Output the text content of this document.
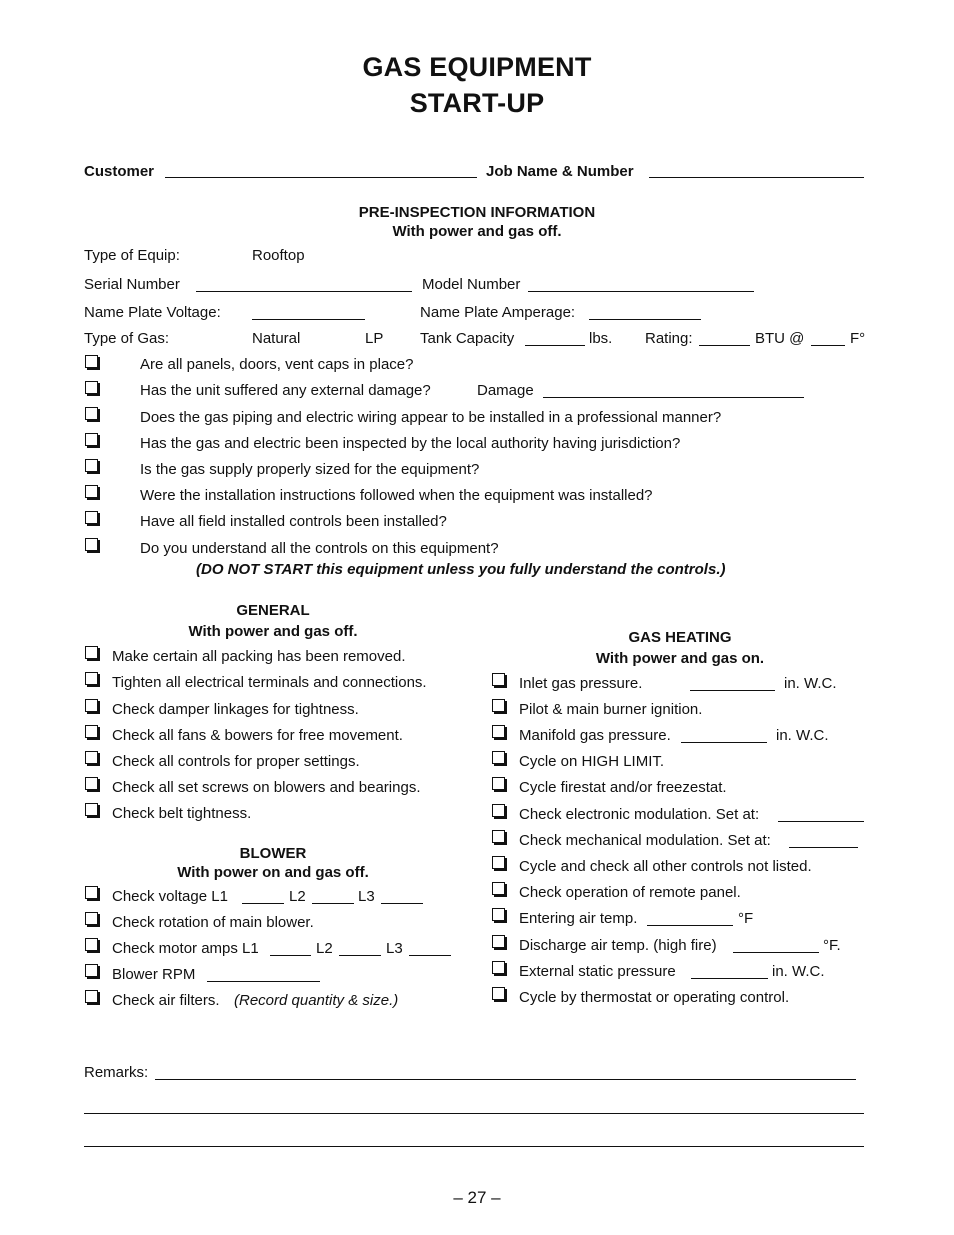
GAS EQUIPMENT
START-UP
Customer	Job Name & Number
PRE-INSPECTION INFORMATION
With power and gas off.
Type of Equip:	Rooftop
Serial Number	Model Number
Name Plate Voltage:	Name Plate Amperage:
Type of Gas:	Natural	LP Tank Capacity	lbs. Rating:	BTU @	F°
Are all panels, doors, vent caps in place?
Has the unit suffered any external damage?	Damage
Does the gas piping and electric wiring appear to be installed in a professional manner?
Has the gas and electric been inspected by the local authority having jurisdiction?
Is the gas supply properly sized for the equipment?
Were the installation instructions followed when the equipment was installed?
Have all field installed controls been installed?
Do you understand all the controls on this equipment?
(DO NOT START this equipment unless you fully understand the controls.)
GENERAL
With power and gas off.
Make certain all packing has been removed.
Tighten all electrical terminals and connections.
Check damper linkages for tightness.
Check all fans & bowers for free movement.
Check all controls for proper settings.
Check all set screws on blowers and bearings.
Check belt tightness.
BLOWER
With power on and gas off.
Check voltage L1	L2	L3
Check rotation of main blower.
Check motor amps L1	L2	L3
Blower RPM
Check air filters. (Record quantity & size.)
GAS HEATING
With power and gas on.
Inlet gas pressure.	in. W.C.
Pilot & main burner ignition.
Manifold gas pressure.	in. W.C.
Cycle on HIGH LIMIT.
Cycle firestat and/or freezestat.
Check electronic modulation. Set at:
Check mechanical modulation. Set at:
Cycle and check all other controls not listed.
Check operation of remote panel.
Entering air temp.	°F
Discharge air temp. (high fire)	°F.
External static pressure	in. W.C.
Cycle by thermostat or operating control.
Remarks:
– 27 –
